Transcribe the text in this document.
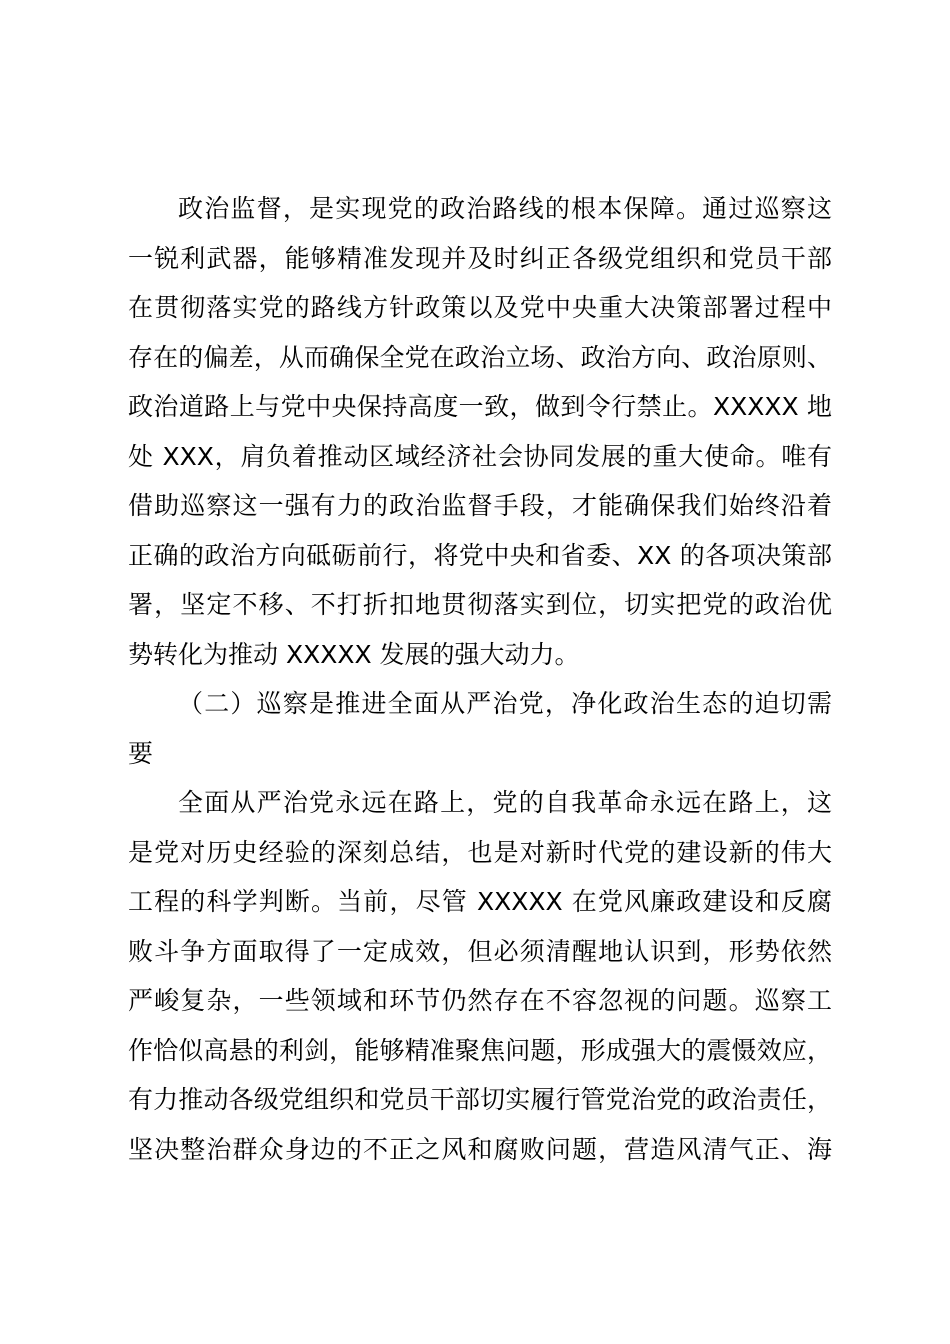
政治监督，是实现党的政治路线的根本保障。通过巡察这
一锐利武器，能够精准发现并及时纠正各级党组织和党员干部
在贯彻落实党的路线方针政策以及党中央重大决策部署过程中
存在的偏差，从而确保全党在政治立场、政治方向、政治原则、
政治道路上与党中央保持高度一致，做到令行禁止。XXXXX 地
处 XXX，肩负着推动区域经济社会协同发展的重大使命。唯有
借助巡察这一强有力的政治监督手段，才能确保我们始终沿着
正确的政治方向砥砺前行，将党中央和省委、XX 的各项决策部
署，坚定不移、不打折扣地贯彻落实到位，切实把党的政治优
势转化为推动 XXXXX 发展的强大动力。
（二）巡察是推进全面从严治党，净化政治生态的迫切需
要
全面从严治党永远在路上，党的自我革命永远在路上，这
是党对历史经验的深刻总结，也是对新时代党的建设新的伟大
工程的科学判断。当前，尽管 XXXXX 在党风廉政建设和反腐
败斗争方面取得了一定成效，但必须清醒地认识到，形势依然
严峻复杂，一些领域和环节仍然存在不容忽视的问题。巡察工
作恰似高悬的利剑，能够精准聚焦问题，形成强大的震慑效应，
有力推动各级党组织和党员干部切实履行管党治党的政治责任，
坚决整治群众身边的不正之风和腐败问题，营造风清气正、海
